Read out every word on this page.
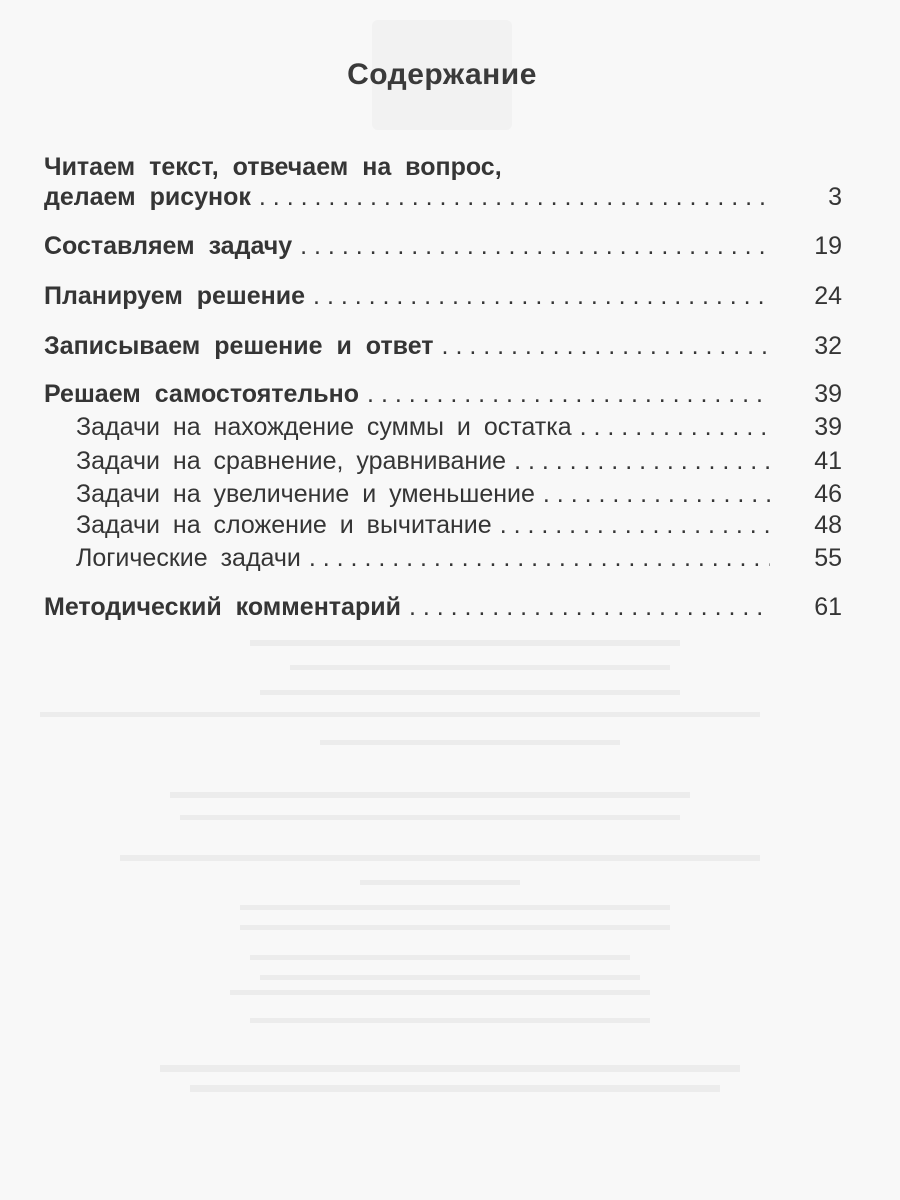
Содержание
Читаем текст, отвечаем на вопрос,
делаем рисунок . . .	3
Составляем задачу . . .	19
Планируем решение . . .	24
Записываем решение и ответ . . .	32
Решаем самостоятельно . . .	39
Задачи на нахождение суммы и остатка . . .	39
Задачи на сравнение, уравнивание . . .	41
Задачи на увеличение и уменьшение . . .	46
Задачи на сложение и вычитание . . .	48
Логические задачи . . .	55
Методический комментарий . . .	61
